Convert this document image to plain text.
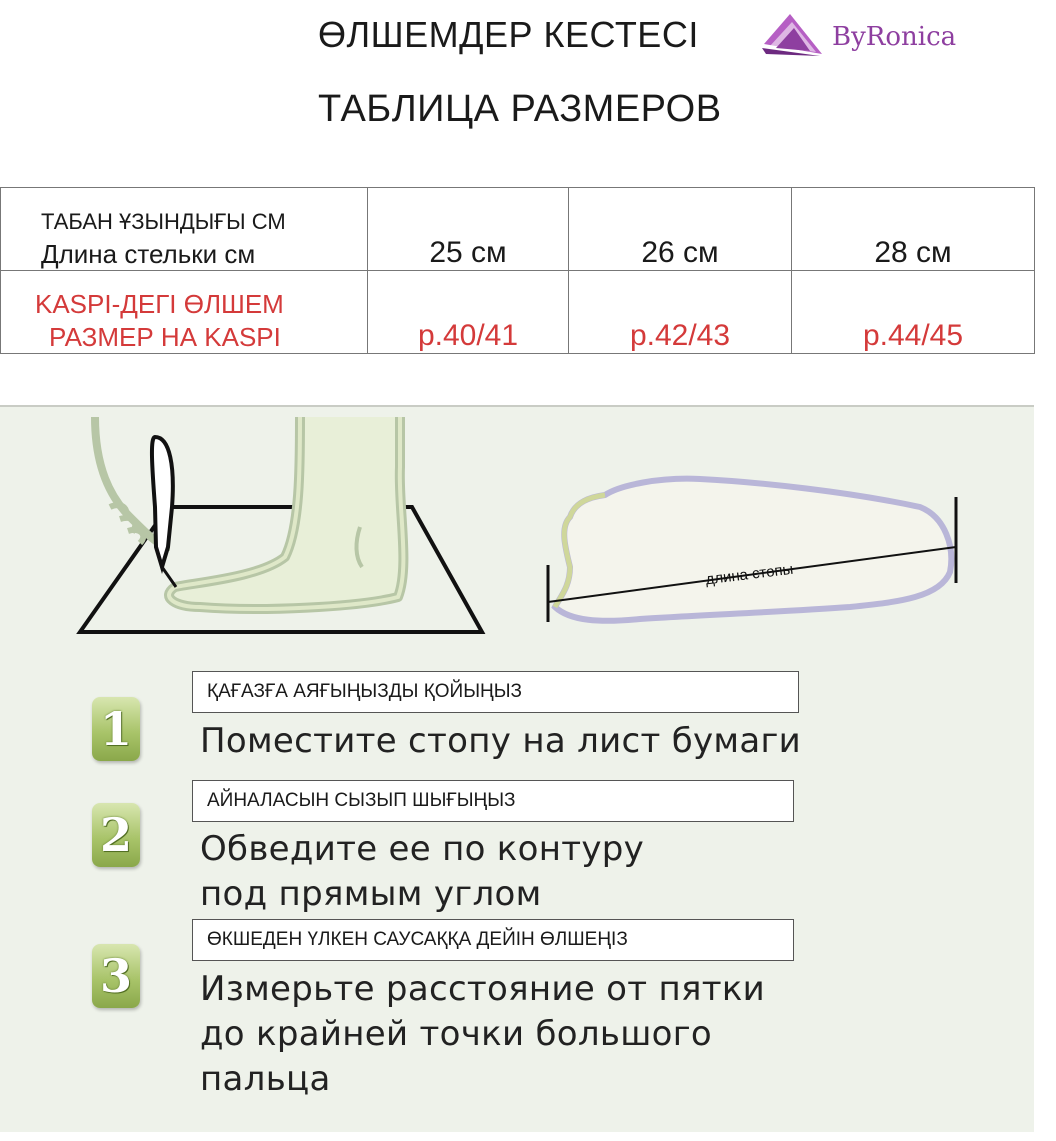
ӨЛШЕМДЕР КЕСТЕСІ
ТАБЛИЦА РАЗМЕРОВ
ByRonica
ТАБАН ҰЗЫНДЫҒЫ СМ
Длина стельки см	25 см	26 см	28 см

KASPI-ДЕГІ ӨЛШЕМ
РАЗМЕР НА KASPI	р.40/41	р.42/43	р.44/45
длина стопы
1
ҚАҒАЗҒА АЯҒЫҢЫЗДЫ ҚОЙЫҢЫЗ
Поместите стопу на лист бумаги
2
АЙНАЛАСЫН СЫЗЫП ШЫҒЫҢЫЗ
Обведите ее по контуру
под прямым углом
3
ӨКШЕДЕН ҮЛКЕН САУСАҚҚА ДЕЙІН ӨЛШЕҢІЗ
Измерьте расстояние от пятки
до крайней точки большого
пальца
